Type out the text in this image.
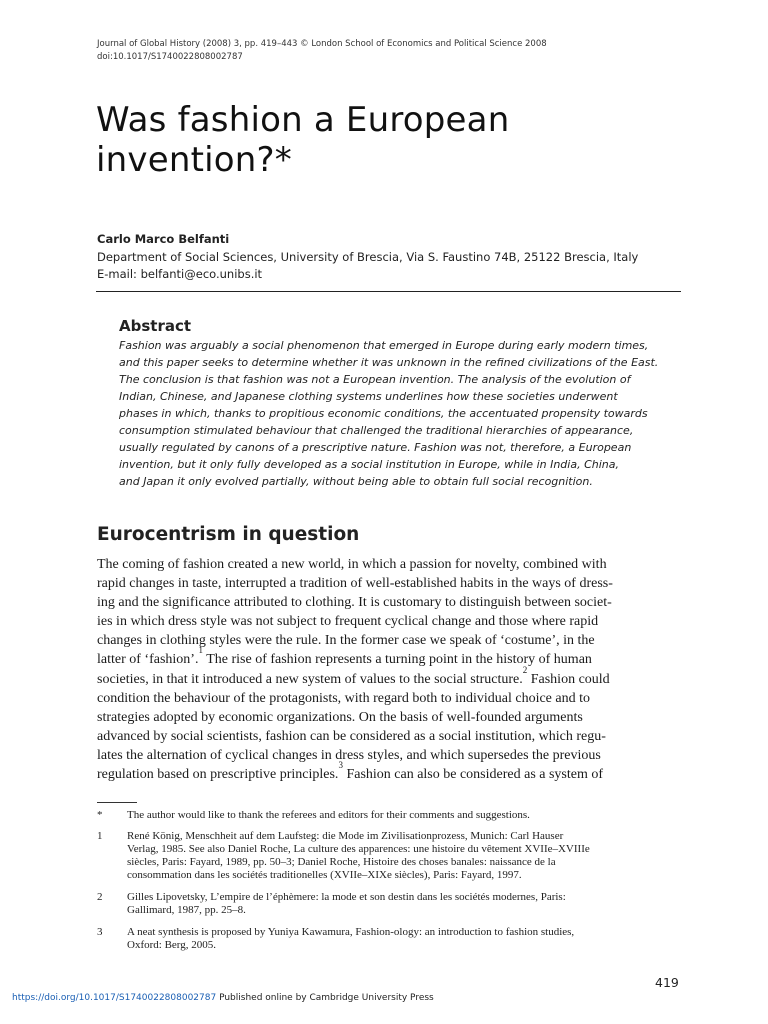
Journal of Global History (2008) 3, pp. 419–443 © London School of Economics and Political Science 2008
doi:10.1017/S1740022808002787
Was fashion a European
invention?*
Carlo Marco Belfanti
Department of Social Sciences, University of Brescia, Via S. Faustino 74B, 25122 Brescia, Italy
E-mail: belfanti@eco.unibs.it
Abstract
Fashion was arguably a social phenomenon that emerged in Europe during early modern times,
and this paper seeks to determine whether it was unknown in the refined civilizations of the East.
The conclusion is that fashion was not a European invention. The analysis of the evolution of
Indian, Chinese, and Japanese clothing systems underlines how these societies underwent
phases in which, thanks to propitious economic conditions, the accentuated propensity towards
consumption stimulated behaviour that challenged the traditional hierarchies of appearance,
usually regulated by canons of a prescriptive nature. Fashion was not, therefore, a European
invention, but it only fully developed as a social institution in Europe, while in India, China,
and Japan it only evolved partially, without being able to obtain full social recognition.
Eurocentrism in question
The coming of fashion created a new world, in which a passion for novelty, combined with
rapid changes in taste, interrupted a tradition of well-established habits in the ways of dress-
ing and the significance attributed to clothing. It is customary to distinguish between societ-
ies in which dress style was not subject to frequent cyclical change and those where rapid
changes in clothing styles were the rule. In the former case we speak of ‘costume’, in the
latter of ‘fashion’.
1
The rise of fashion represents a turning point in the history of human
societies, in that it introduced a new system of values to the social structure.
2
Fashion could
condition the behaviour of the protagonists, with regard both to individual choice and to
strategies adopted by economic organizations. On the basis of well-founded arguments
advanced by social scientists, fashion can be considered as a social institution, which regu-
lates the alternation of cyclical changes in dress styles, and which supersedes the previous
regulation based on prescriptive principles.
3
Fashion can also be considered as a system of
* The author would like to thank the referees and editors for their comments and suggestions.
1 René König, Menschheit auf dem Laufsteg: die Mode im Zivilisationprozess, Munich: Carl Hauser
Verlag, 1985. See also Daniel Roche, La culture des apparences: une histoire du vêtement XVIIe–XVIIIe
siècles, Paris: Fayard, 1989, pp. 50–3; Daniel Roche, Histoire des choses banales: naissance de la
consommation dans les sociétés traditionelles (XVIIe–XIXe siècles), Paris: Fayard, 1997.
2 Gilles Lipovetsky, L’empire de l’éphèmere: la mode et son destin dans les sociétés modernes, Paris:
Gallimard, 1987, pp. 25–8.
3 A neat synthesis is proposed by Yuniya Kawamura, Fashion-ology: an introduction to fashion studies,
Oxford: Berg, 2005.
419
https://doi.org/10.1017/S1740022808002787 Published online by Cambridge University Press
